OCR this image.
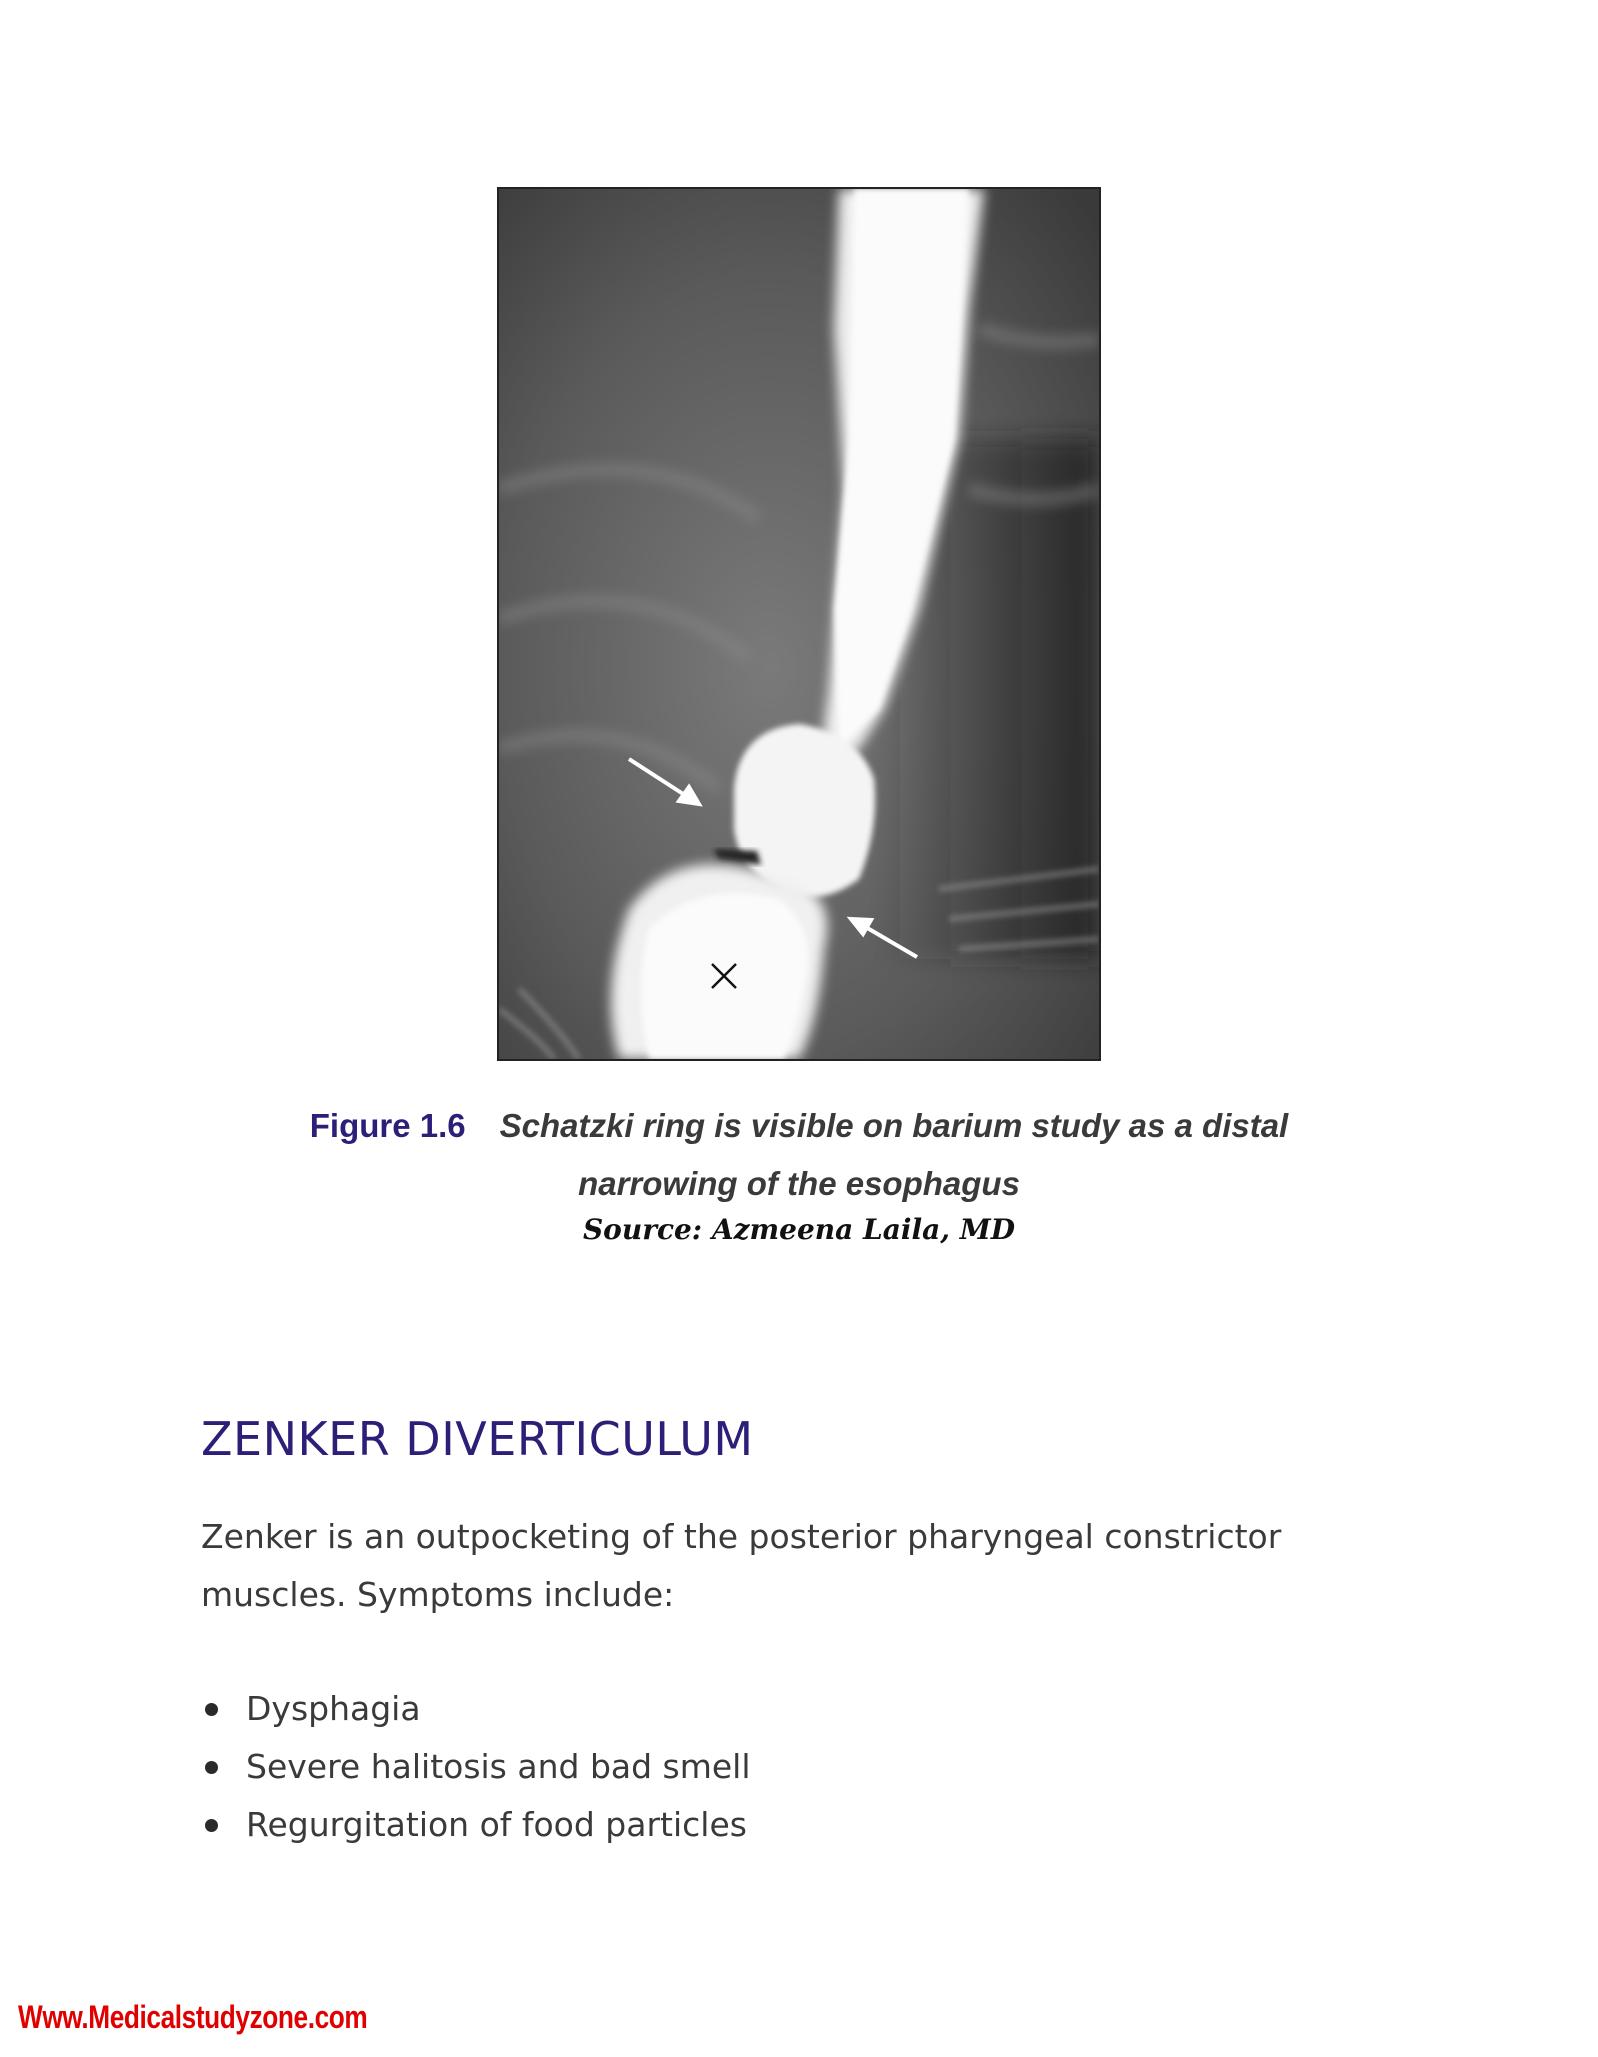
Figure 1.6 Schatzki ring is visible on barium study as a distal
narrowing of the esophagus
Source: Azmeena Laila, MD
ZENKER DIVERTICULUM

Zenker is an outpocketing of the posterior pharyngeal constrictor muscles. Symptoms include:

Dysphagia
Severe halitosis and bad smell
Regurgitation of food particles
Www.Medicalstudyzone.com
